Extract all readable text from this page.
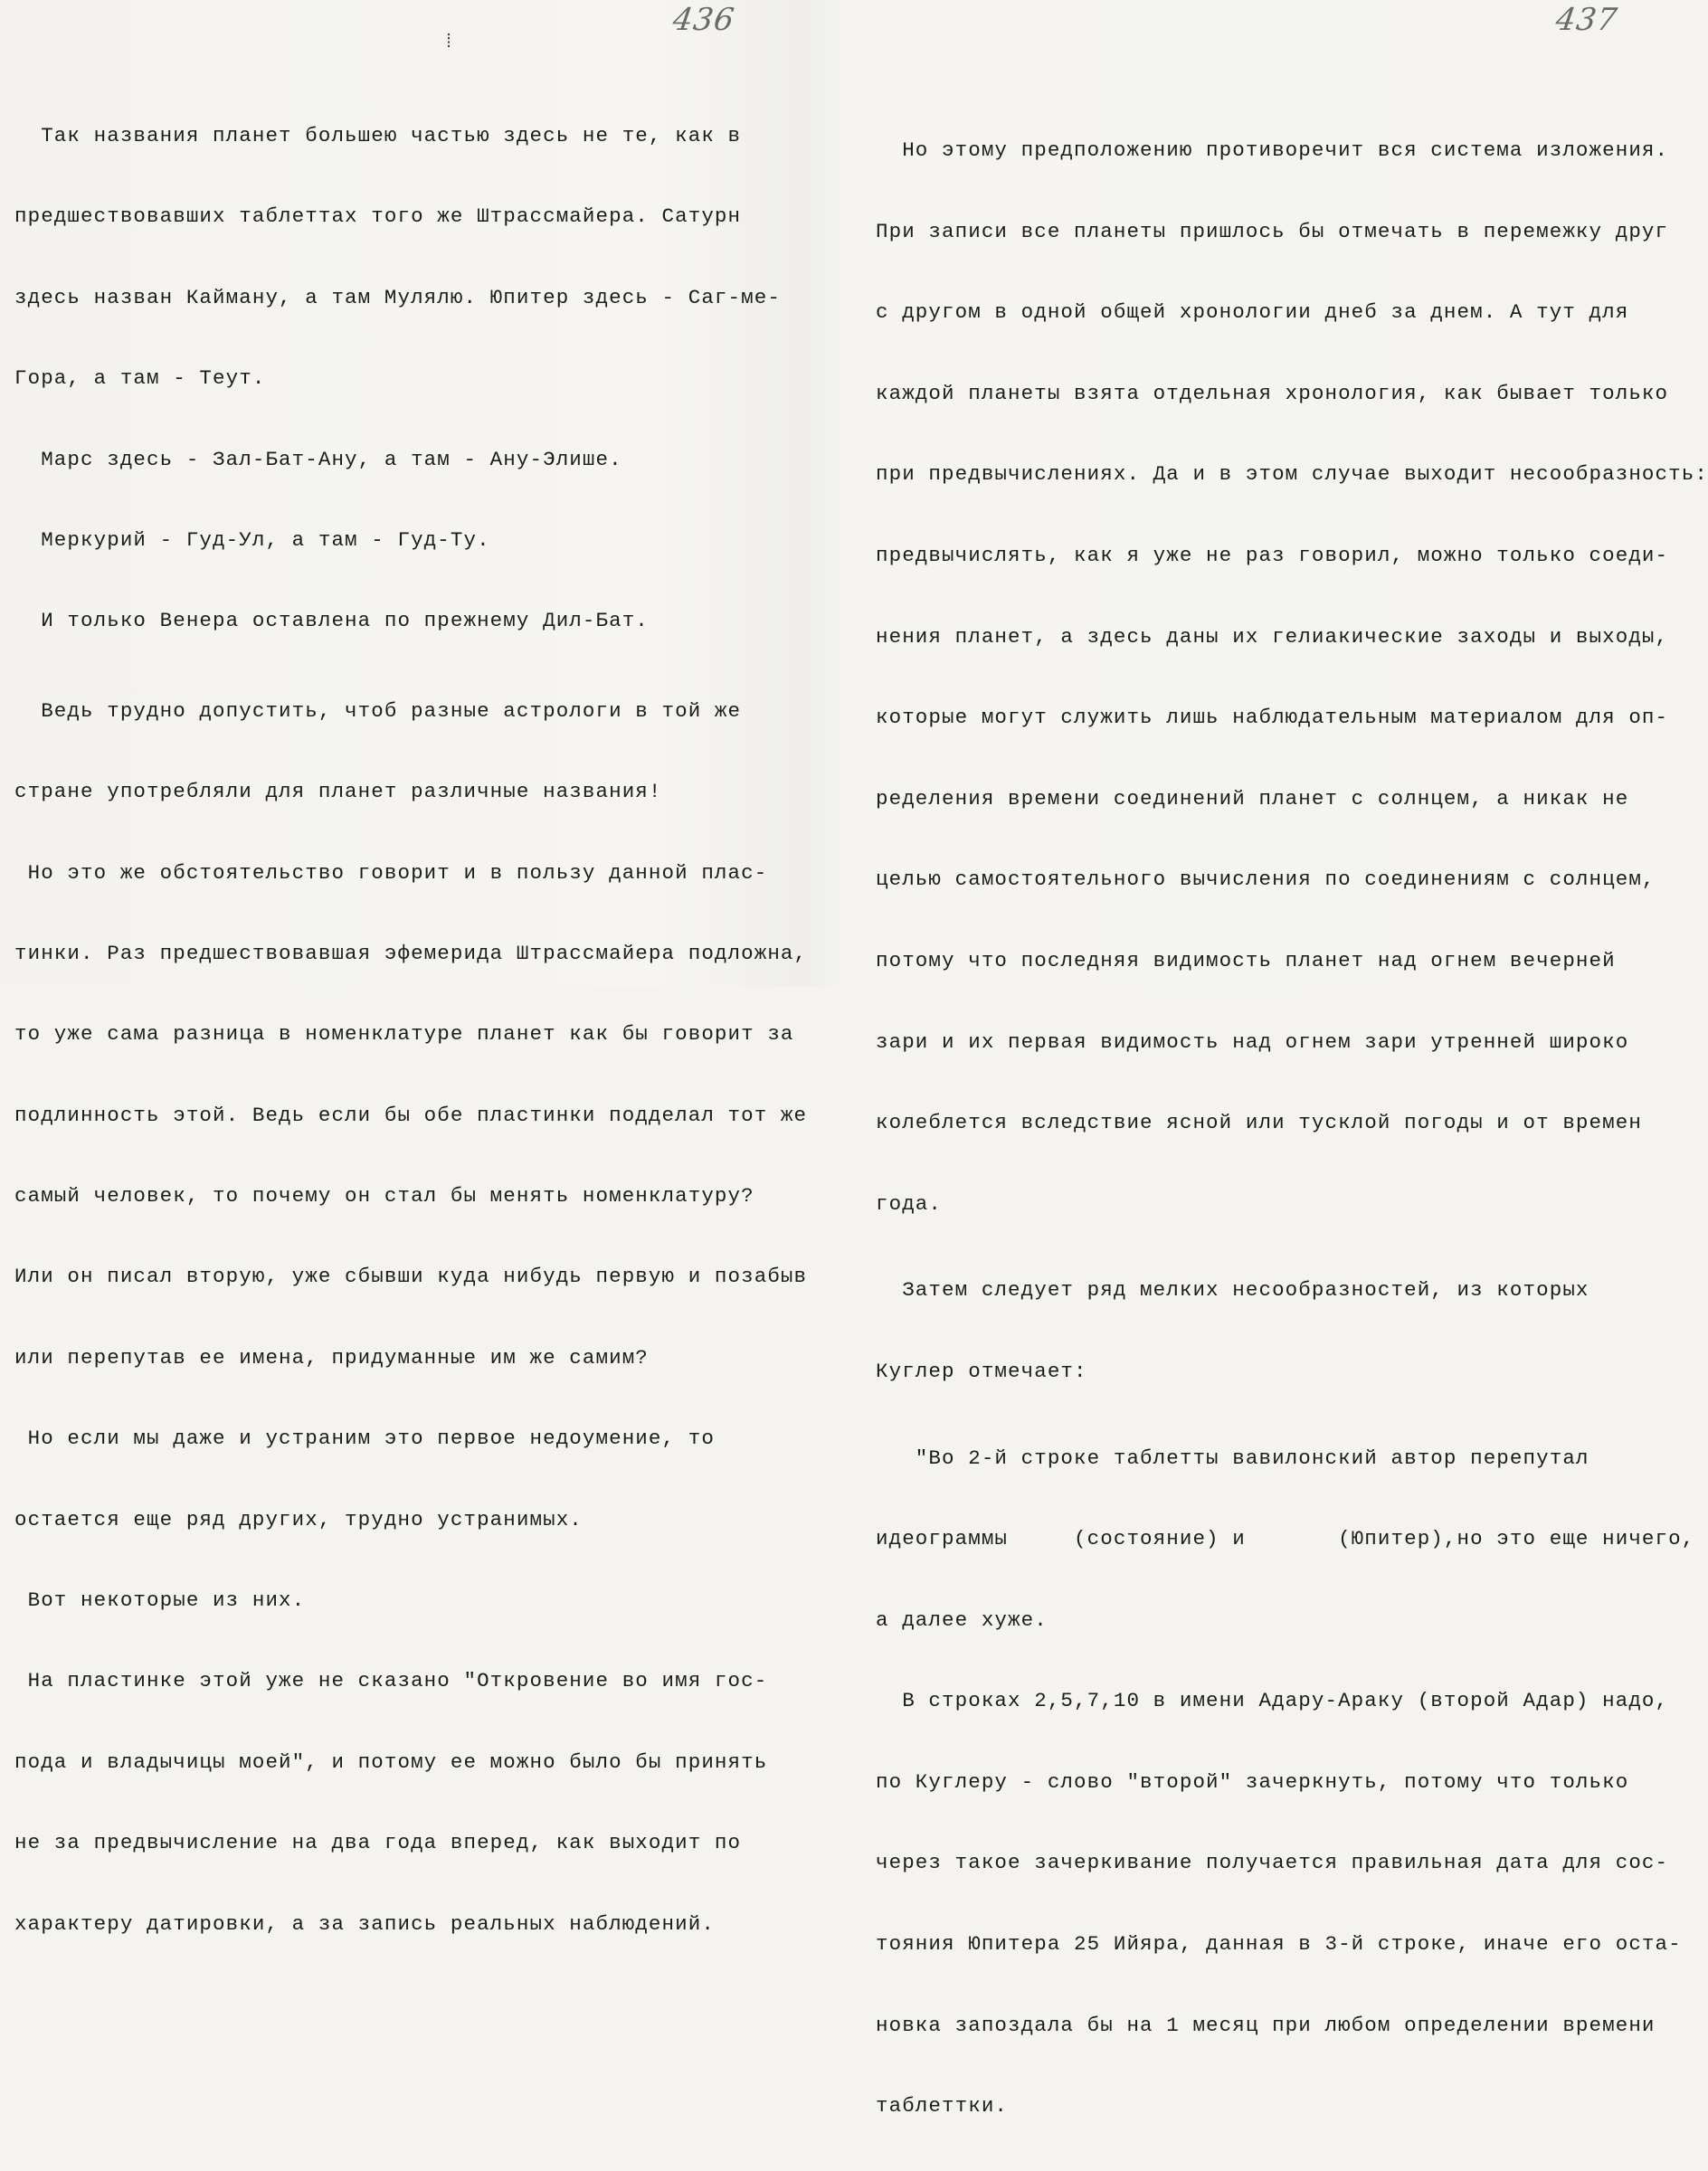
436
⁞

Так названия планет большею частью здесь не те, как в

предшествовавших таблеттах того же Штрассмайера. Сатурн

здесь назван Кайману, а там Мулялю. Юпитер здесь - Саг-ме-

Гора, а там - Теут.

Марс здесь - Зал-Бат-Ану, а там - Ану-Элише.

Меркурий - Гуд-Ул, а там - Гуд-Ту.

И только Венера оставлена по прежнему Дил-Бат.

Ведь трудно допустить, чтоб разные астрологи в той же

стране употребляли для планет различные названия!

Но это же обстоятельство говорит и в пользу данной плас-

тинки. Раз предшествовавшая эфемерида Штрассмайера подложна,

то уже сама разница в номенклатуре планет как бы говорит за

подлинность этой. Ведь если бы обе пластинки подделал тот же

самый человек, то почему он стал бы менять номенклатуру?

Или он писал вторую, уже сбывши куда нибудь первую и позабыв

или перепутав ее имена, придуманные им же самим?

Но если мы даже и устраним это первое недоумение, то

остается еще ряд других, трудно устранимых.

Вот некоторые из них.

На пластинке этой уже не сказано "Откровение во имя гос-

пода и владычицы моей", и потому ее можно было бы принять

не за предвычисление на два года вперед, как выходит по

характеру датировки, а за запись реальных наблюдений.

437

Но этому предположению противоречит вся система изложения.

При записи все планеты пришлось бы отмечать в перемежку друг

с другом в одной общей хронологии днеб за днем. А тут для

каждой планеты взята отдельная хронология, как бывает только

при предвычислениях. Да и в этом случае выходит несообразность:

предвычислять, как я уже не раз говорил, можно только соеди-

нения планет, а здесь даны их гелиакические заходы и выходы,

которые могут служить лишь наблюдательным материалом для оп-

ределения времени соединений планет с солнцем, а никак не

целью самостоятельного вычисления по соединениям с солнцем,

потому что последняя видимость планет над огнем вечерней

зари и их первая видимость над огнем зари утренней широко

колеблется вследствие ясной или тусклой погоды и от времен

года.

Затем следует ряд мелких несообразностей, из которых

Куглер отмечает:

"Во 2-й строке таблетты вавилонский автор перепутал

идеограммы     (состояние) и       (Юпитер),но это еще ничего,

а далее хуже.

В строках 2,5,7,10 в имени Адару-Араку (второй Адар) надо,

по Куглеру - слово "второй" зачеркнуть, потому что только

через такое зачеркивание получается правильная дата для сос-

тояния Юпитера 25 Ийяра, данная в 3-й строке, иначе его оста-

новка запоздала бы на 1 месяц при любом определении времени

таблеттки.
